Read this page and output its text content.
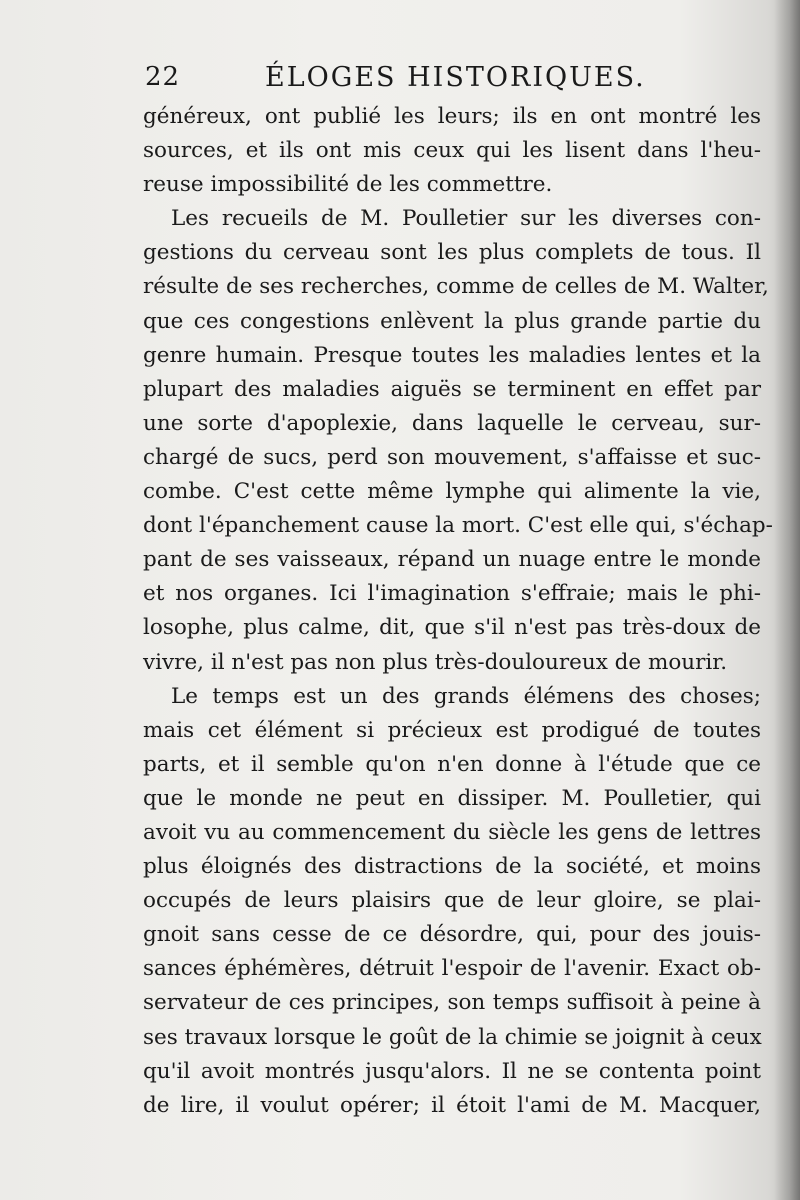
22	ÉLOGES HISTORIQUES.
généreux, ont publié les leurs; ils en ont montré les
sources, et ils ont mis ceux qui les lisent dans l'heu-
reuse impossibilité de les commettre.
Les recueils de M. Poulletier sur les diverses con-
gestions du cerveau sont les plus complets de tous. Il
résulte de ses recherches, comme de celles de M. Walter,
que ces congestions enlèvent la plus grande partie du
genre humain. Presque toutes les maladies lentes et la
plupart des maladies aiguës se terminent en effet par
une sorte d'apoplexie, dans laquelle le cerveau, sur-
chargé de sucs, perd son mouvement, s'affaisse et suc-
combe. C'est cette même lymphe qui alimente la vie,
dont l'épanchement cause la mort. C'est elle qui, s'échap-
pant de ses vaisseaux, répand un nuage entre le monde
et nos organes. Ici l'imagination s'effraie; mais le phi-
losophe, plus calme, dit, que s'il n'est pas très-doux de
vivre, il n'est pas non plus très-douloureux de mourir.
Le temps est un des grands élémens des choses;
mais cet élément si précieux est prodigué de toutes
parts, et il semble qu'on n'en donne à l'étude que ce
que le monde ne peut en dissiper. M. Poulletier, qui
avoit vu au commencement du siècle les gens de lettres
plus éloignés des distractions de la société, et moins
occupés de leurs plaisirs que de leur gloire, se plai-
gnoit sans cesse de ce désordre, qui, pour des jouis-
sances éphémères, détruit l'espoir de l'avenir. Exact ob-
servateur de ces principes, son temps suffisoit à peine à
ses travaux lorsque le goût de la chimie se joignit à ceux
qu'il avoit montrés jusqu'alors. Il ne se contenta point
de lire, il voulut opérer; il étoit l'ami de M. Macquer,
